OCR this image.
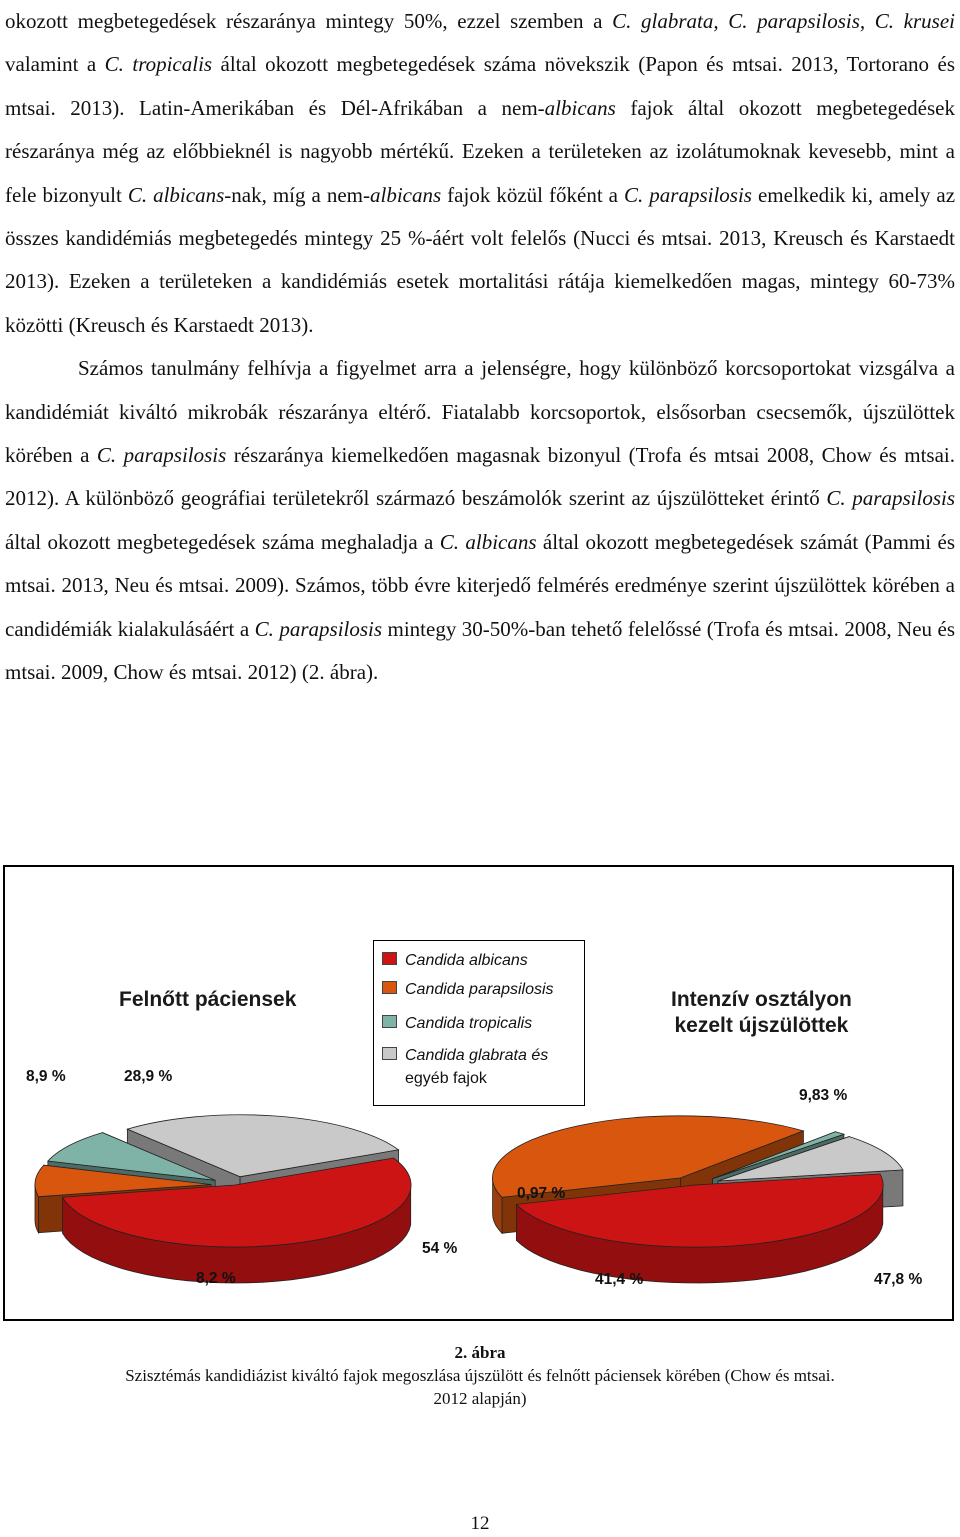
okozott megbetegedések részaránya mintegy 50%, ezzel szemben a C. glabrata, C. parapsilosis, C. krusei valamint a C. tropicalis által okozott megbetegedések száma növekszik (Papon és mtsai. 2013, Tortorano és mtsai. 2013). Latin-Amerikában és Dél-Afrikában a nem-albicans fajok által okozott megbetegedések részaránya még az előbbieknél is nagyobb mértékű. Ezeken a területeken az izolátumoknak kevesebb, mint a fele bizonyult C. albicans-nak, míg a nem-albicans fajok közül főként a C. parapsilosis emelkedik ki, amely az összes kandidémiás megbetegedés mintegy 25 %-áért volt felelős (Nucci és mtsai. 2013, Kreusch és Karstaedt 2013). Ezeken a területeken a kandidémiás esetek mortalitási rátája kiemelkedően magas, mintegy 60-73% közötti (Kreusch és Karstaedt 2013).

Számos tanulmány felhívja a figyelmet arra a jelenségre, hogy különböző korcsoportokat vizsgálva a kandidémiát kiváltó mikrobák részaránya eltérő. Fiatalabb korcsoportok, elsősorban csecsemők, újszülöttek körében a C. parapsilosis részaránya kiemelkedően magasnak bizonyul (Trofa és mtsai 2008, Chow és mtsai. 2012). A különböző geográfiai területekről származó beszámolók szerint az újszülötteket érintő C. parapsilosis által okozott megbetegedések száma meghaladja a C. albicans által okozott megbetegedések számát (Pammi és mtsai. 2013, Neu és mtsai. 2009). Számos, több évre kiterjedő felmérés eredménye szerint újszülöttek körében a candidémiák kialakulásáért a C. parapsilosis mintegy 30-50%-ban tehető felelőssé (Trofa és mtsai. 2008, Neu és mtsai. 2009, Chow és mtsai. 2012) (2. ábra).

Felnőtt páciensek	Intenzív osztályon
kezelt újszülöttek
Candida albicans
Candida parapsilosis
Candida tropicalis
Candida glabrata és
egyéb fajok
8,9 %	28,9 %
8,2 %
54 %
9,83 %
0,97 %
41,4 %	47,8 %
2. ábra
Szisztémás kandidiázist kiváltó fajok megoszlása újszülött és felnőtt páciensek körében (Chow és mtsai.
2012 alapján)
12
